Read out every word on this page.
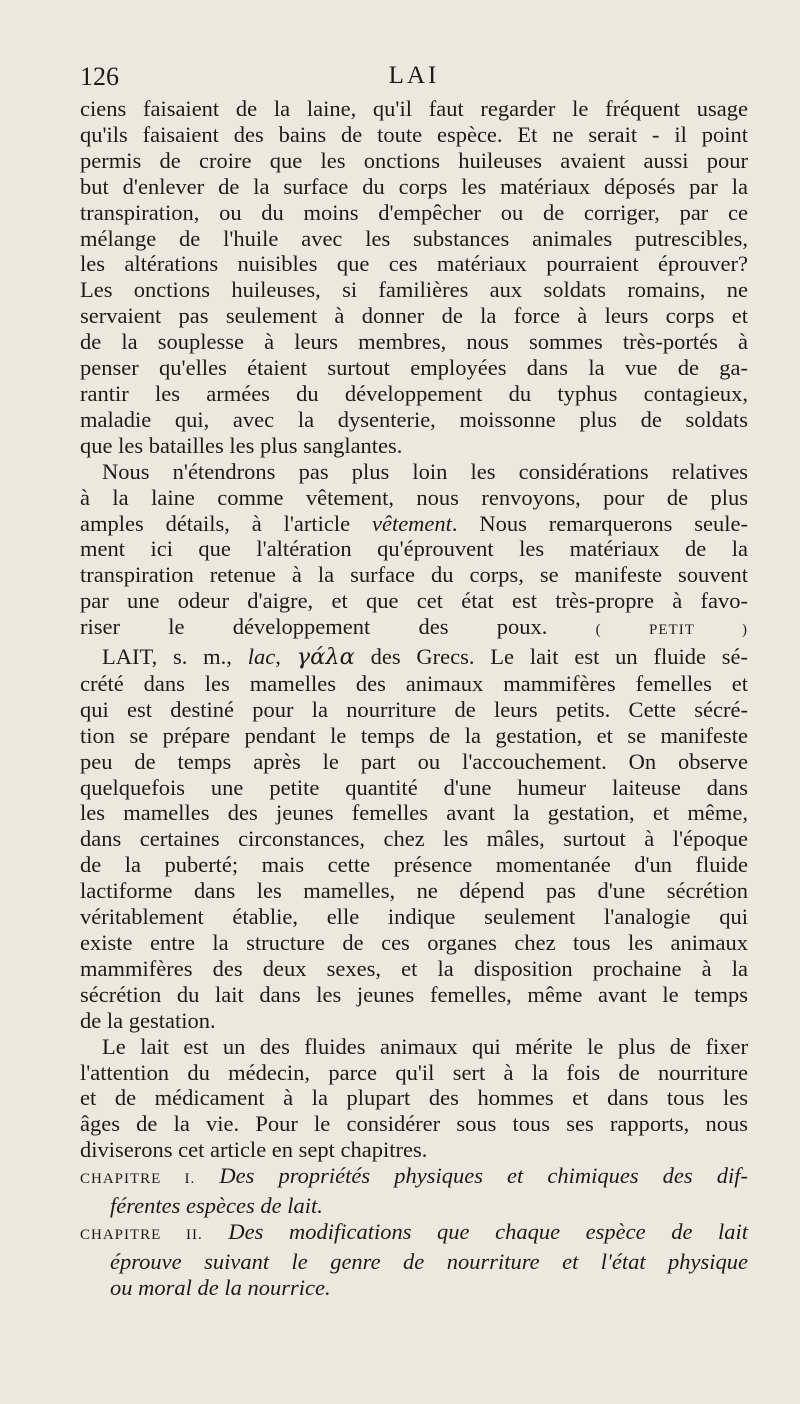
126	LAI
ciens faisaient de la laine, qu'il faut regarder le fréquent usage
qu'ils faisaient des bains de toute espèce. Et ne serait - il point
permis de croire que les onctions huileuses avaient aussi pour
but d'enlever de la surface du corps les matériaux déposés par la
transpiration, ou du moins d'empêcher ou de corriger, par ce
mélange de l'huile avec les substances animales putrescibles,
les altérations nuisibles que ces matériaux pourraient éprouver?
Les onctions huileuses, si familières aux soldats romains, ne
servaient pas seulement à donner de la force à leurs corps et
de la souplesse à leurs membres, nous sommes très-portés à
penser qu'elles étaient surtout employées dans la vue de ga-
rantir les armées du développement du typhus contagieux,
maladie qui, avec la dysenterie, moissonne plus de soldats
que les batailles les plus sanglantes.
Nous n'étendrons pas plus loin les considérations relatives
à la laine comme vêtement, nous renvoyons, pour de plus
amples détails, à l'article vêtement. Nous remarquerons seule-
ment ici que l'altération qu'éprouvent les matériaux de la
transpiration retenue à la surface du corps, se manifeste souvent
par une odeur d'aigre, et que cet état est très-propre à favo-
riser le développement des poux.	( PETIT )
LAIT, s. m., lac, γάλα des Grecs. Le lait est un fluide sé-
crété dans les mamelles des animaux mammifères femelles et
qui est destiné pour la nourriture de leurs petits. Cette sécré-
tion se prépare pendant le temps de la gestation, et se manifeste
peu de temps après le part ou l'accouchement. On observe
quelquefois une petite quantité d'une humeur laiteuse dans
les mamelles des jeunes femelles avant la gestation, et même,
dans certaines circonstances, chez les mâles, surtout à l'époque
de la puberté; mais cette présence momentanée d'un fluide
lactiforme dans les mamelles, ne dépend pas d'une sécrétion
véritablement établie, elle indique seulement l'analogie qui
existe entre la structure de ces organes chez tous les animaux
mammifères des deux sexes, et la disposition prochaine à la
sécrétion du lait dans les jeunes femelles, même avant le temps
de la gestation.
Le lait est un des fluides animaux qui mérite le plus de fixer
l'attention du médecin, parce qu'il sert à la fois de nourriture
et de médicament à la plupart des hommes et dans tous les
âges de la vie. Pour le considérer sous tous ses rapports, nous
diviserons cet article en sept chapitres.
CHAPITRE I. Des propriétés physiques et chimiques des dif-
férentes espèces de lait.
CHAPITRE II. Des modifications que chaque espèce de lait
éprouve suivant le genre de nourriture et l'état physique
ou moral de la nourrice.
